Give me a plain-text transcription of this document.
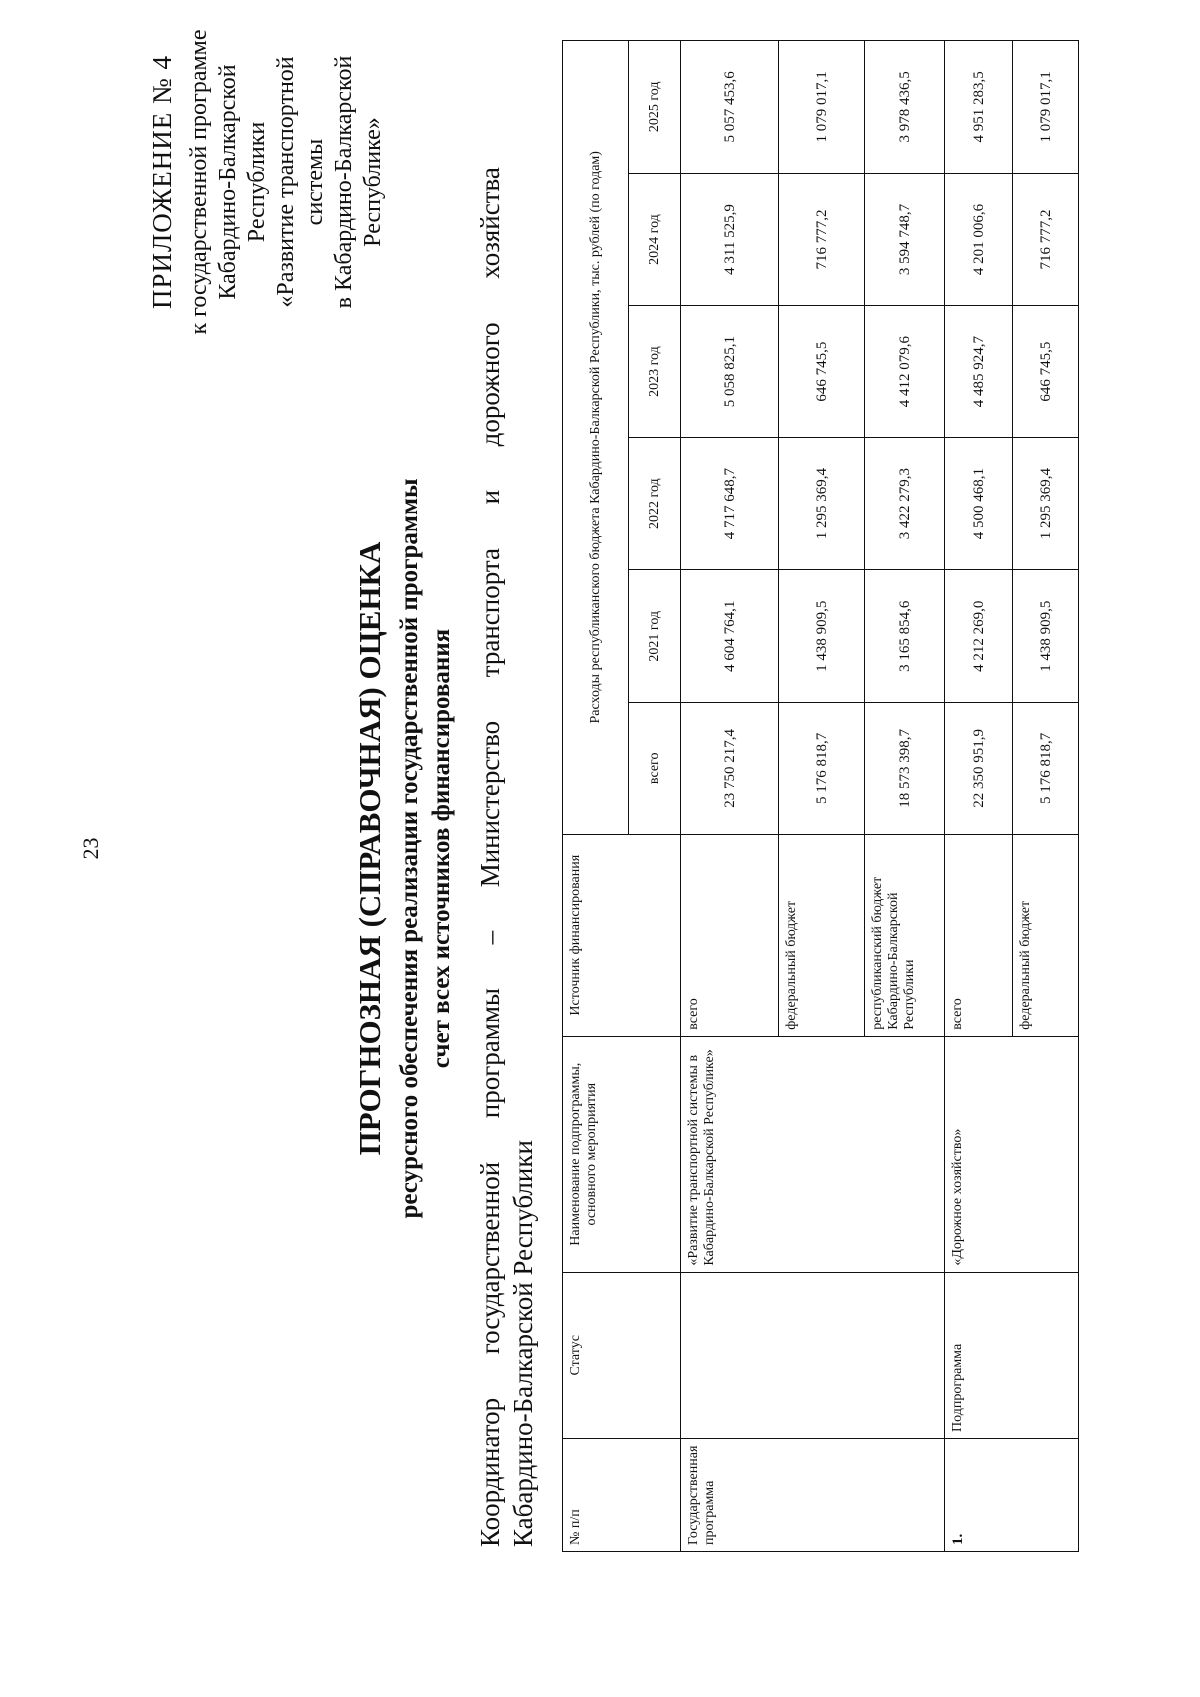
23
ПРИЛОЖЕНИЕ № 4 к государственной программе Кабардино-Балкарской Республики «Развитие транспортной системы в Кабардино-Балкарской Республике»
ПРОГНОЗНАЯ (СПРАВОЧНАЯ) ОЦЕНКА ресурсного обеспечения реализации государственной программы счет всех источников финансирования
Координатор
государственной
программы
–
Министерство
транспорта
и
дорожного
хозяйства
Кабардино-Балкарской Республики № п/п	Статус	Наименование подпрограммы, основного мероприятия	Источник финансирования	Расходы республиканского бюджета Кабардино-Балкарской Республики, тыс. рублей (по годам)					
				всего	2021 год	2022 год	2023 год	2024 год	2025 год
Государственная программа		«Развитие транспортной системы в Кабардино-Балкарской Республике»	всего	23 750 217,4	4 604 764,1	4 717 648,7	5 058 825,1	4 311 525,9	5 057 453,6
			федеральный бюджет	5 176 818,7	1 438 909,5	1 295 369,4	646 745,5	716 777,2	1 079 017,1
			республиканский бюджет Кабардино-Балкарской Республики	18 573 398,7	3 165 854,6	3 422 279,3	4 412 079,6	3 594 748,7	3 978 436,5
1.	Подпрограмма	«Дорожное хозяйство»	всего	22 350 951,9	4 212 269,0	4 500 468,1	4 485 924,7	4 201 006,6	4 951 283,5
			федеральный бюджет	5 176 818,7	1 438 909,5	1 295 369,4	646 745,5	716 777,2	1 079 017,1
